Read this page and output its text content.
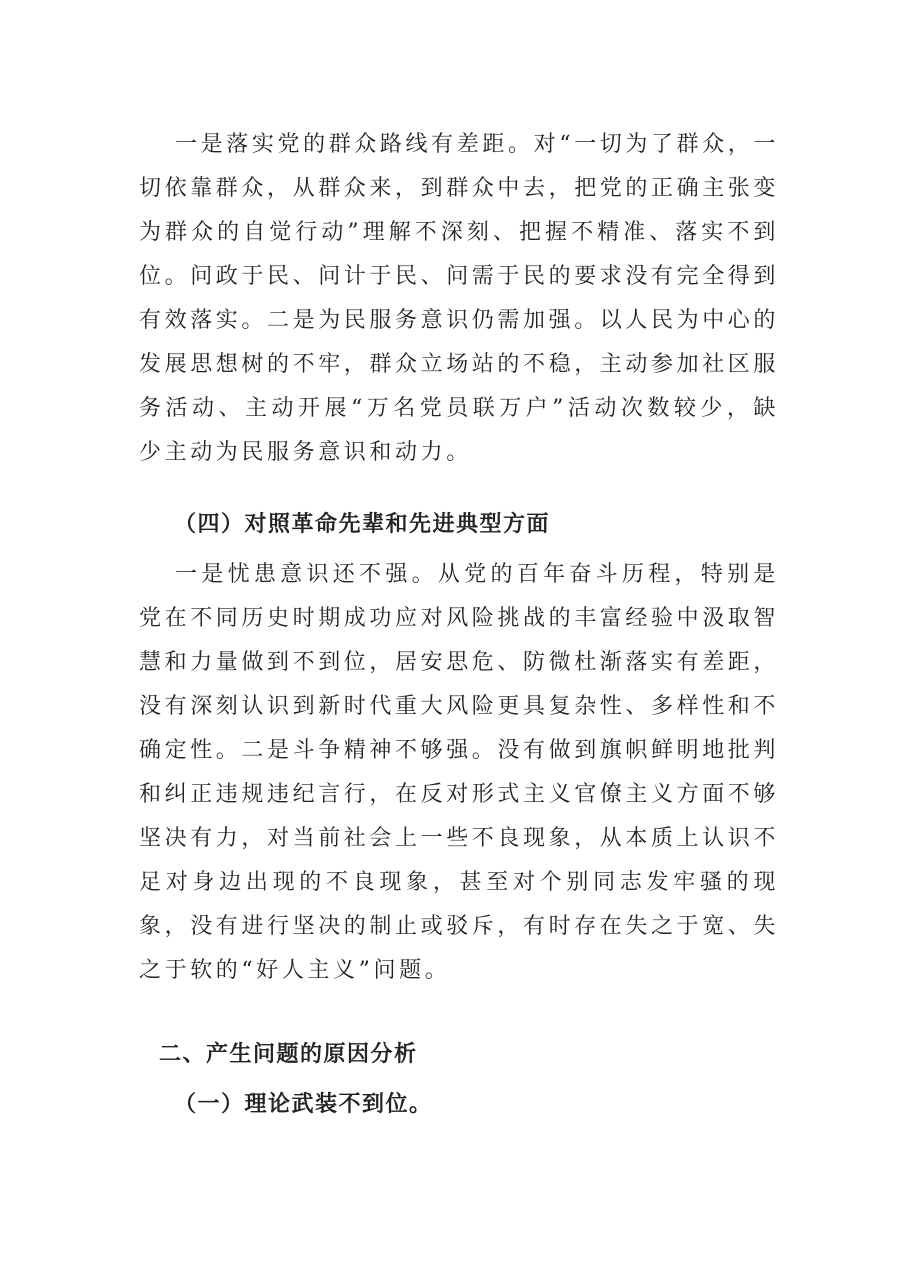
一是落实党的群众路线有差距。对“一切为了群众，一切依靠群众，从群众来，到群众中去，把党的正确主张变为群众的自觉行动”理解不深刻、把握不精准、落实不到位。问政于民、问计于民、问需于民的要求没有完全得到有效落实。二是为民服务意识仍需加强。以人民为中心的发展思想树的不牢，群众立场站的不稳，主动参加社区服务活动、主动开展“万名党员联万户”活动次数较少，缺少主动为民服务意识和动力。

（四）对照革命先辈和先进典型方面

一是忧患意识还不强。从党的百年奋斗历程，特别是党在不同历史时期成功应对风险挑战的丰富经验中汲取智慧和力量做到不到位，居安思危、防微杜渐落实有差距，没有深刻认识到新时代重大风险更具复杂性、多样性和不确定性。二是斗争精神不够强。没有做到旗帜鲜明地批判和纠正违规违纪言行，在反对形式主义官僚主义方面不够坚决有力，对当前社会上一些不良现象，从本质上认识不足对身边出现的不良现象，甚至对个别同志发牢骚的现象，没有进行坚决的制止或驳斥，有时存在失之于宽、失之于软的“好人主义”问题。

二、产生问题的原因分析

（一）理论武装不到位。
